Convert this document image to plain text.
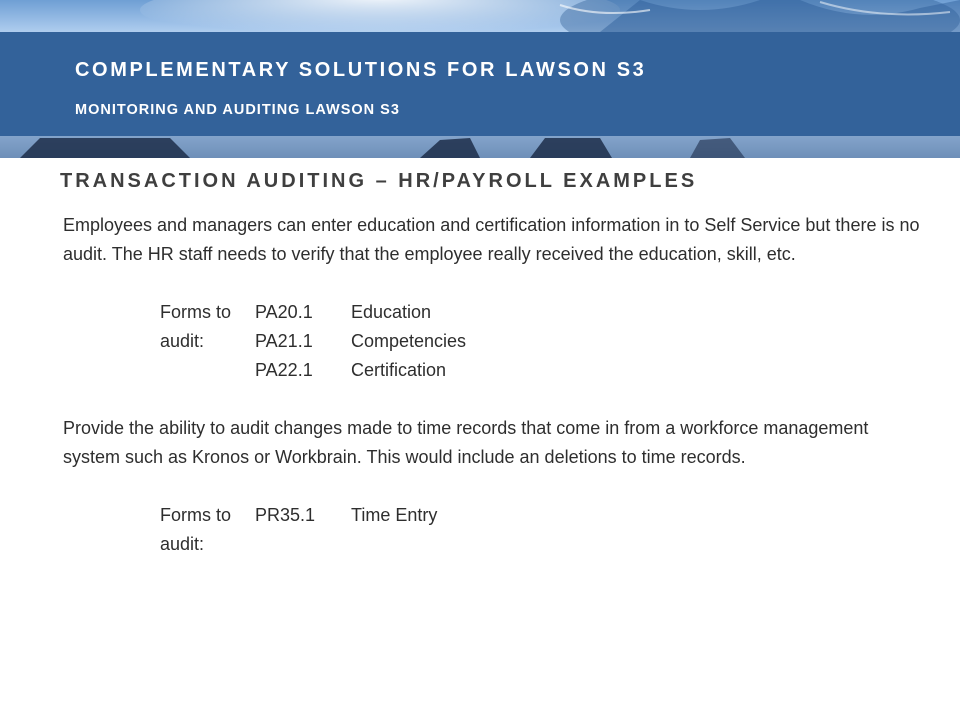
COMPLEMENTARY SOLUTIONS FOR LAWSON S3
MONITORING AND AUDITING LAWSON S3
TRANSACTION AUDITING – HR/PAYROLL EXAMPLES

Employees and managers can enter education and certification information in to Self Service but there is no audit. The HR staff needs to verify that the employee really received the education, skill, etc.

Forms to audit:
PA20.1	Education
PA21.1	Competencies
PA22.1	Certification

Provide the ability to audit changes made to time records that come in from a workforce management system such as Kronos or Workbrain. This would include an deletions to time records.

Forms to audit:
PR35.1	Time Entry
